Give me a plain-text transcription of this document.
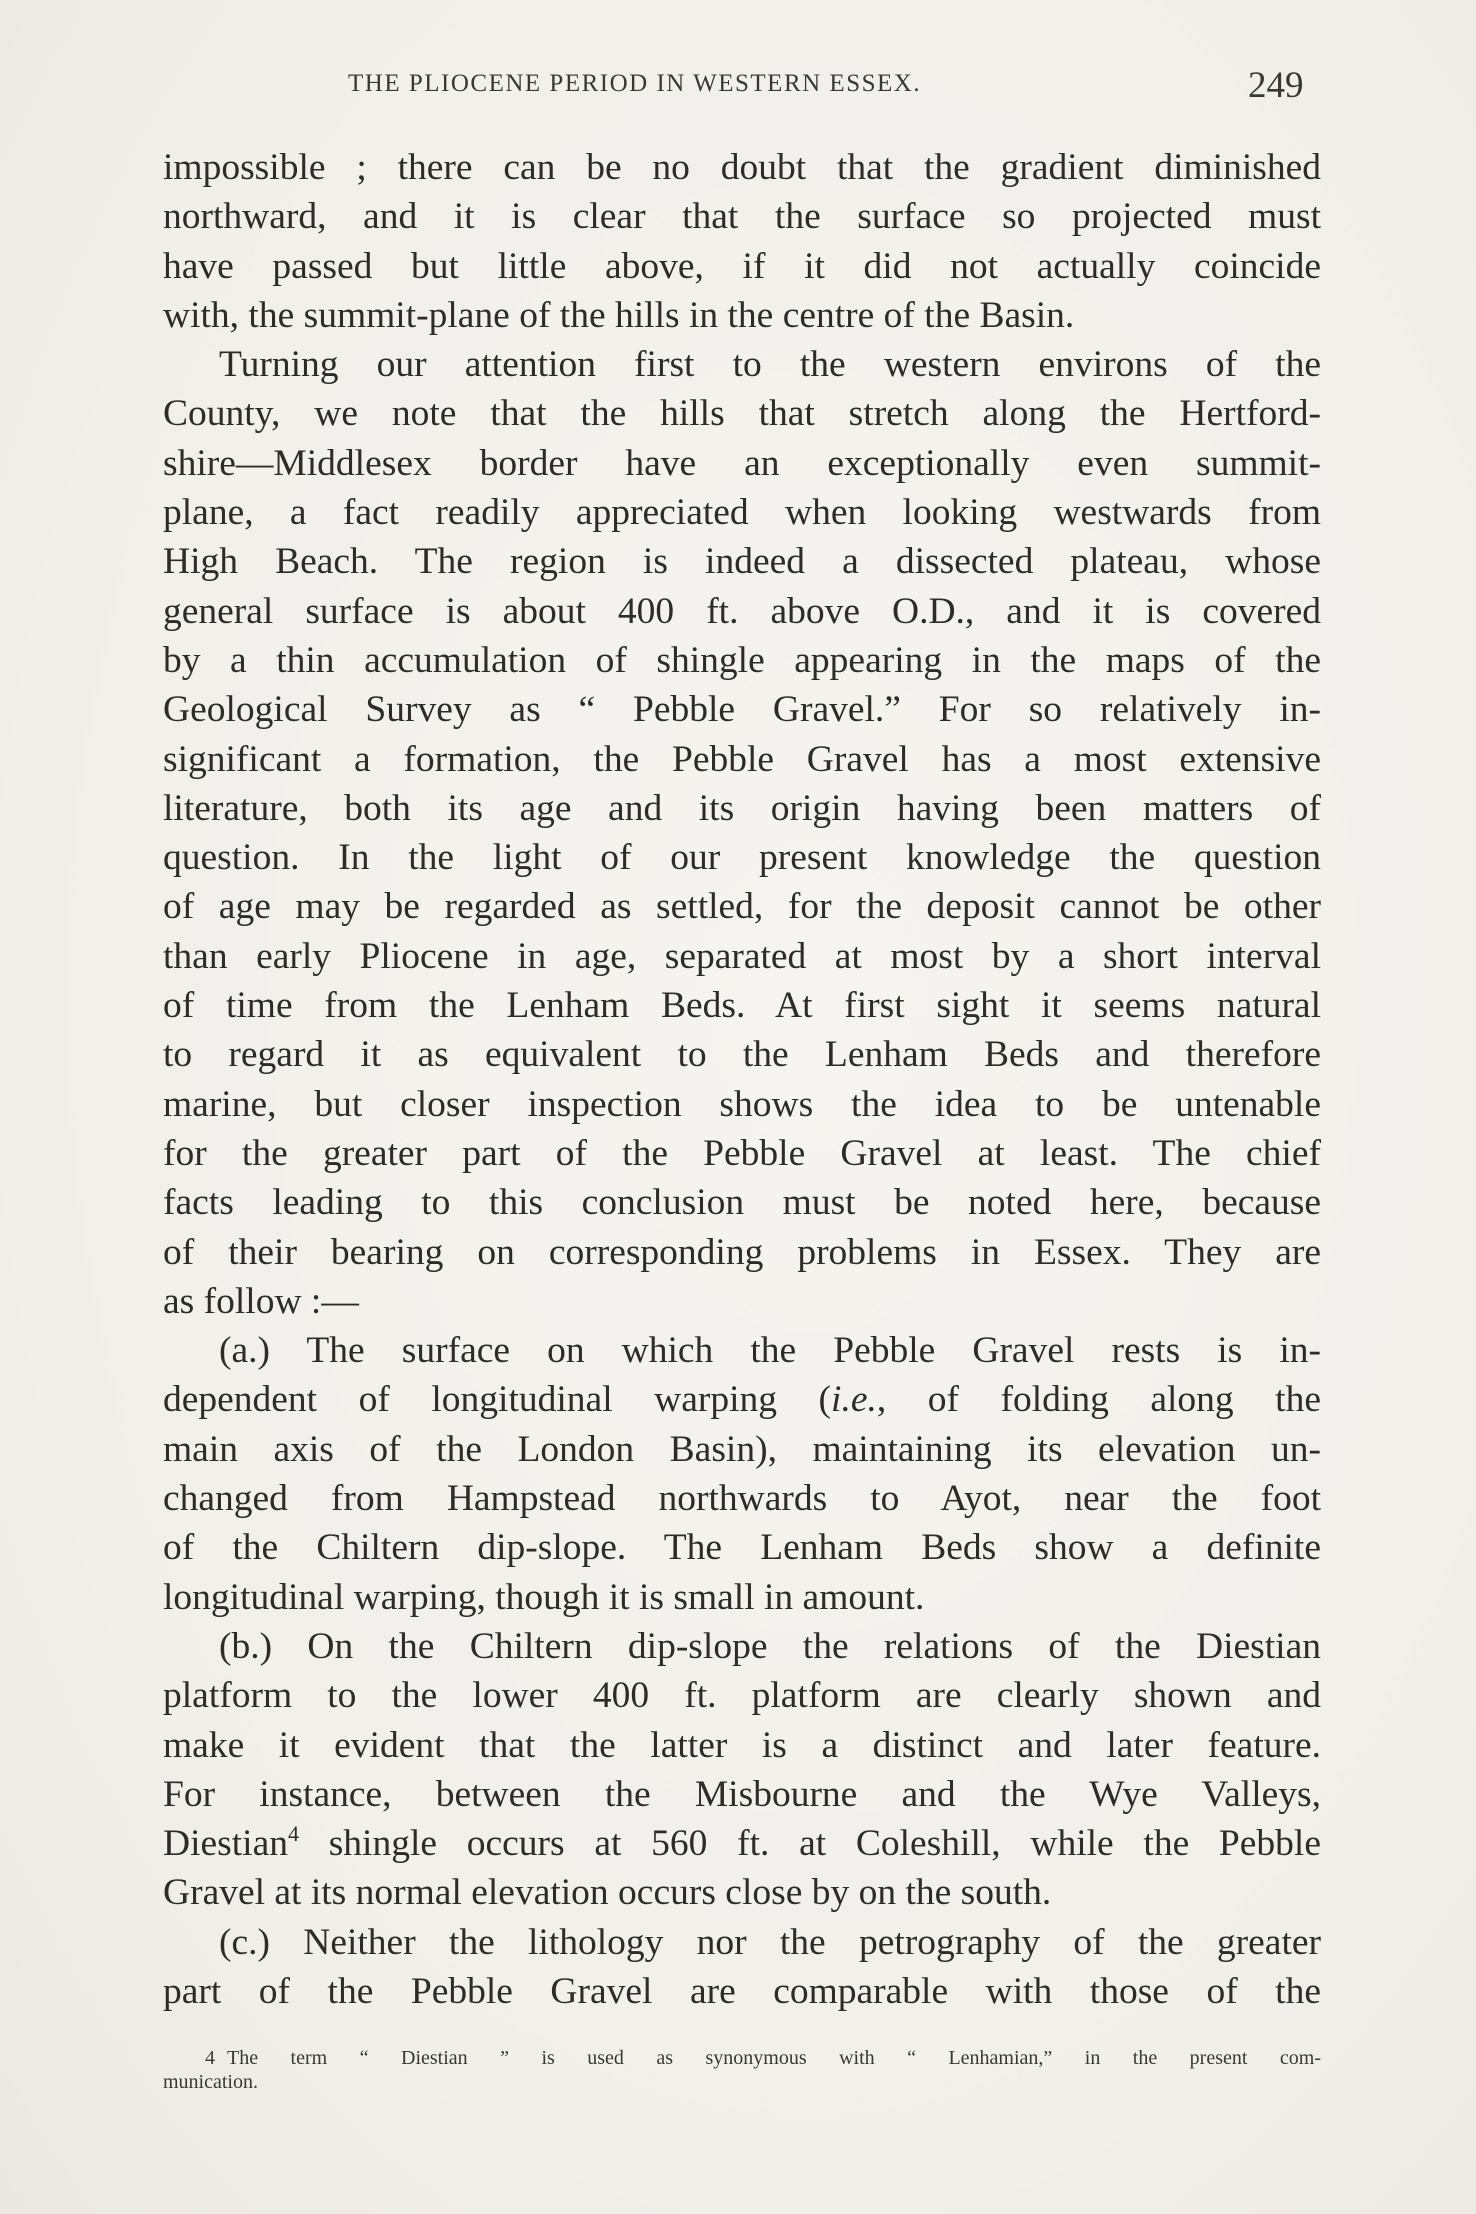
THE PLIOCENE PERIOD IN WESTERN ESSEX.	249
impossible ; there can be no doubt that the gradient diminished
northward, and it is clear that the surface so projected must
have passed but little above, if it did not actually coincide
with, the summit-plane of the hills in the centre of the Basin.
Turning our attention first to the western environs of the
County, we note that the hills that stretch along the Hertford-
shire—Middlesex border have an exceptionally even summit-
plane, a fact readily appreciated when looking westwards from
High Beach. The region is indeed a dissected plateau, whose
general surface is about 400 ft. above O.D., and it is covered
by a thin accumulation of shingle appearing in the maps of the
Geological Survey as “ Pebble Gravel.” For so relatively in-
significant a formation, the Pebble Gravel has a most extensive
literature, both its age and its origin having been matters of
question. In the light of our present knowledge the question
of age may be regarded as settled, for the deposit cannot be other
than early Pliocene in age, separated at most by a short interval
of time from the Lenham Beds. At first sight it seems natural
to regard it as equivalent to the Lenham Beds and therefore
marine, but closer inspection shows the idea to be untenable
for the greater part of the Pebble Gravel at least. The chief
facts leading to this conclusion must be noted here, because
of their bearing on corresponding problems in Essex. They are
as follow :—
(a.) The surface on which the Pebble Gravel rests is in-
dependent of longitudinal warping (i.e., of folding along the
main axis of the London Basin), maintaining its elevation un-
changed from Hampstead northwards to Ayot, near the foot
of the Chiltern dip-slope. The Lenham Beds show a definite
longitudinal warping, though it is small in amount.
(b.) On the Chiltern dip-slope the relations of the Diestian
platform to the lower 400 ft. platform are clearly shown and
make it evident that the latter is a distinct and later feature.
For instance, between the Misbourne and the Wye Valleys,
Diestian$^4$ shingle occurs at 560 ft. at Coleshill, while the Pebble
Gravel at its normal elevation occurs close by on the south.
(c.) Neither the lithology nor the petrography of the greater
part of the Pebble Gravel are comparable with those of the
4 The term “ Diestian ” is used as synonymous with “ Lenhamian,” in the present com-
munication.
